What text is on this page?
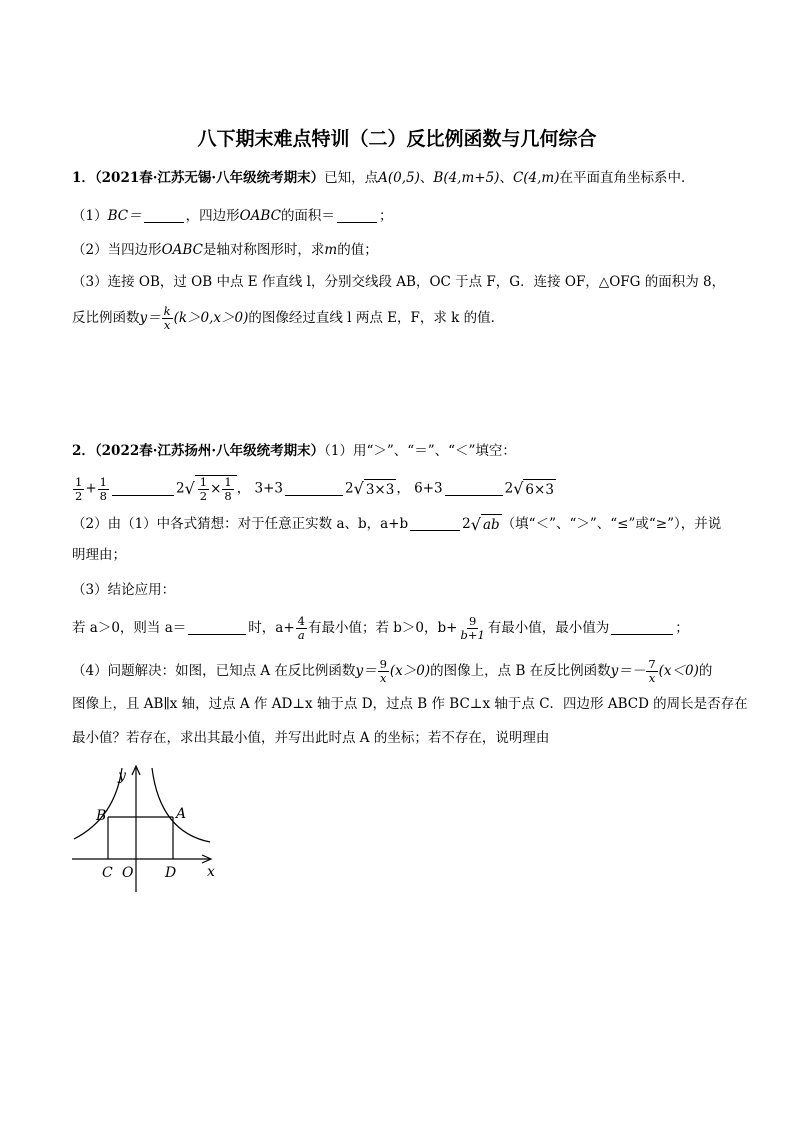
八下期末难点特训（二）反比例函数与几何综合
1．（2021春·江苏无锡·八年级统考期末）已知，点A(0,5)、B(4,m+5)、C(4,m)在平面直角坐标系中．
（1）BC＝	，四边形OABC的面积＝	；
（2）当四边形OABC是轴对称图形时，求m的值；
（3）连接 OB，过 OB 中点 E 作直线 l，分别交线段 AB，OC 于点 F，G．连接 OF，△OFG 的面积为 8，
反比例函数$y= \frac{k}{x} (k>0,x>0)$的图像经过直线 l 两点 E，F，求 k 的值．
2．（2022春·江苏扬州·八年级统考期末）（1）用“＞”、“＝”、“＜”填空：
$\frac{1}{2} + \frac{1}{8}$	2 √ $\frac{1}{2} \times \frac{1}{8}$ ， 3+3	2 √ 3×3 ， 6+3	2 √ 6×3
（2）由（1）中各式猜想：对于任意正实数 a、b，a+b	2 √ ab （填“＜”、“＞”、“≤”或“≥”），并说
明理由；
（3）结论应用：
若 a＞0，则当 a＝	时，$a+ \frac{4}{a}$ 有最小值；若 b＞0，$b+ \frac{9}{b+1}$ 有最小值，最小值为	；
（4）问题解决：如图，已知点 A 在反比例函数$y= \frac{9}{x} (x>0)$的图像上，点 B 在反比例函数$y=- \frac{7}{x} (x<0)$的
图像上，且 AB∥x 轴，过点 A 作 AD⊥x 轴于点 D，过点 B 作 BC⊥x 轴于点 C．四边形 ABCD 的周长是否存在
最小值？若存在，求出其最小值，并写出此时点 A 的坐标；若不存在，说明理由
y
x
B	A
C O D
